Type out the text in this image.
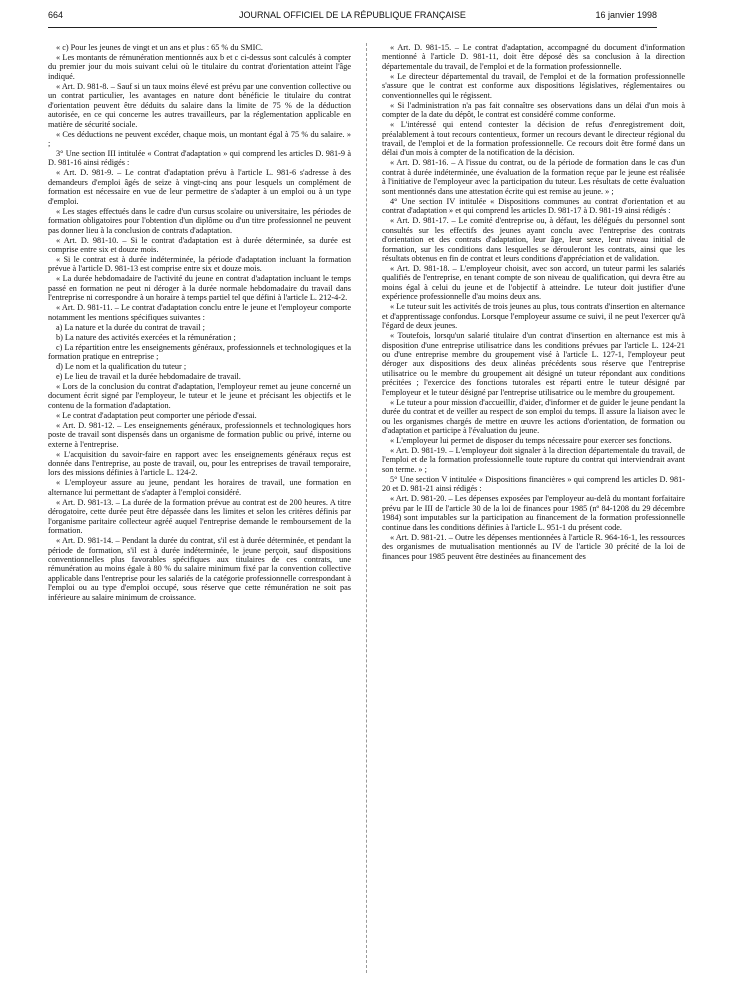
664	JOURNAL OFFICIEL DE LA RÉPUBLIQUE FRANÇAISE	16 janvier 1998

« c) Pour les jeunes de vingt et un ans et plus : 65 % du SMIC.

« Les montants de rémunération mentionnés aux b et c ci-dessus sont calculés à compter du premier jour du mois suivant celui où le titulaire du contrat d'orientation atteint l'âge indiqué.

« Art. D. 981-8. – Sauf si un taux moins élevé est prévu par une convention collective ou un contrat particulier, les avantages en nature dont bénéficie le titulaire du contrat d'orientation peuvent être déduits du salaire dans la limite de 75 % de la déduction autorisée, en ce qui concerne les autres travailleurs, par la réglementation applicable en matière de sécurité sociale.

« Ces déductions ne peuvent excéder, chaque mois, un montant égal à 75 % du salaire. » ;

3° Une section III intitulée « Contrat d'adaptation » qui comprend les articles D. 981-9 à D. 981-16 ainsi rédigés :

« Art. D. 981-9. – Le contrat d'adaptation prévu à l'article L. 981-6 s'adresse à des demandeurs d'emploi âgés de seize à vingt-cinq ans pour lesquels un complément de formation est nécessaire en vue de leur permettre de s'adapter à un emploi ou à un type d'emploi.

« Les stages effectués dans le cadre d'un cursus scolaire ou universitaire, les périodes de formation obligatoires pour l'obtention d'un diplôme ou d'un titre professionnel ne peuvent pas donner lieu à la conclusion de contrats d'adaptation.

« Art. D. 981-10. – Si le contrat d'adaptation est à durée déterminée, sa durée est comprise entre six et douze mois.

« Si le contrat est à durée indéterminée, la période d'adaptation incluant la formation prévue à l'article D. 981-13 est comprise entre six et douze mois.

« La durée hebdomadaire de l'activité du jeune en contrat d'adaptation incluant le temps passé en formation ne peut ni déroger à la durée normale hebdomadaire du travail dans l'entreprise ni correspondre à un horaire à temps partiel tel que défini à l'article L. 212-4-2.

« Art. D. 981-11. – Le contrat d'adaptation conclu entre le jeune et l'employeur comporte notamment les mentions spécifiques suivantes :

a) La nature et la durée du contrat de travail ;

b) La nature des activités exercées et la rémunération ;

c) La répartition entre les enseignements généraux, professionnels et technologiques et la formation pratique en entreprise ;

d) Le nom et la qualification du tuteur ;

e) Le lieu de travail et la durée hebdomadaire de travail.

« Lors de la conclusion du contrat d'adaptation, l'employeur remet au jeune concerné un document écrit signé par l'employeur, le tuteur et le jeune et précisant les objectifs et le contenu de la formation d'adaptation.

« Le contrat d'adaptation peut comporter une période d'essai.

« Art. D. 981-12. – Les enseignements généraux, professionnels et technologiques hors poste de travail sont dispensés dans un organisme de formation public ou privé, interne ou externe à l'entreprise.

« L'acquisition du savoir-faire en rapport avec les enseignements généraux reçus est donnée dans l'entreprise, au poste de travail, ou, pour les entreprises de travail temporaire, lors des missions définies à l'article L. 124-2.

« L'employeur assure au jeune, pendant les horaires de travail, une formation en alternance lui permettant de s'adapter à l'emploi considéré.

« Art. D. 981-13. – La durée de la formation prévue au contrat est de 200 heures. A titre dérogatoire, cette durée peut être dépassée dans les limites et selon les critères définis par l'organisme paritaire collecteur agréé auquel l'entreprise demande le remboursement de la formation.

« Art. D. 981-14. – Pendant la durée du contrat, s'il est à durée déterminée, et pendant la période de formation, s'il est à durée indéterminée, le jeune perçoit, sauf dispositions conventionnelles plus favorables spécifiques aux titulaires de ces contrats, une rémunération au moins égale à 80 % du salaire minimum fixé par la convention collective applicable dans l'entreprise pour les salariés de la catégorie professionnelle correspondant à l'emploi ou au type d'emploi occupé, sous réserve que cette rémunération ne soit pas inférieure au salaire minimum de croissance.

« Art. D. 981-15. – Le contrat d'adaptation, accompagné du document d'information mentionné à l'article D. 981-11, doit être déposé dès sa conclusion à la direction départementale du travail, de l'emploi et de la formation professionnelle.

« Le directeur départemental du travail, de l'emploi et de la formation professionnelle s'assure que le contrat est conforme aux dispositions législatives, réglementaires ou conventionnelles qui le régissent.

« Si l'administration n'a pas fait connaître ses observations dans un délai d'un mois à compter de la date du dépôt, le contrat est considéré comme conforme.

« L'intéressé qui entend contester la décision de refus d'enregistrement doit, préalablement à tout recours contentieux, former un recours devant le directeur régional du travail, de l'emploi et de la formation professionnelle. Ce recours doit être formé dans un délai d'un mois à compter de la notification de la décision.

« Art. D. 981-16. – A l'issue du contrat, ou de la période de formation dans le cas d'un contrat à durée indéterminée, une évaluation de la formation reçue par le jeune est réalisée à l'initiative de l'employeur avec la participation du tuteur. Les résultats de cette évaluation sont mentionnés dans une attestation écrite qui est remise au jeune. » ;

4° Une section IV intitulée « Dispositions communes au contrat d'orientation et au contrat d'adaptation » et qui comprend les articles D. 981-17 à D. 981-19 ainsi rédigés :

« Art. D. 981-17. – Le comité d'entreprise ou, à défaut, les délégués du personnel sont consultés sur les effectifs des jeunes ayant conclu avec l'entreprise des contrats d'orientation et des contrats d'adaptation, leur âge, leur sexe, leur niveau initial de formation, sur les conditions dans lesquelles se dérouleront les contrats, ainsi que les résultats obtenus en fin de contrat et leurs conditions d'appréciation et de validation.

« Art. D. 981-18. – L'employeur choisit, avec son accord, un tuteur parmi les salariés qualifiés de l'entreprise, en tenant compte de son niveau de qualification, qui devra être au moins égal à celui du jeune et de l'objectif à atteindre. Le tuteur doit justifier d'une expérience professionnelle d'au moins deux ans.

« Le tuteur suit les activités de trois jeunes au plus, tous contrats d'insertion en alternance et d'apprentissage confondus. Lorsque l'employeur assume ce suivi, il ne peut l'exercer qu'à l'égard de deux jeunes.

« Toutefois, lorsqu'un salarié titulaire d'un contrat d'insertion en alternance est mis à disposition d'une entreprise utilisatrice dans les conditions prévues par l'article L. 124-21 ou d'une entreprise membre du groupement visé à l'article L. 127-1, l'employeur peut déroger aux dispositions des deux alinéas précédents sous réserve que l'entreprise utilisatrice ou le membre du groupement ait désigné un tuteur répondant aux conditions précitées ; l'exercice des fonctions tutorales est réparti entre le tuteur désigné par l'employeur et le tuteur désigné par l'entreprise utilisatrice ou le membre du groupement.

« Le tuteur a pour mission d'accueillir, d'aider, d'informer et de guider le jeune pendant la durée du contrat et de veiller au respect de son emploi du temps. Il assure la liaison avec le ou les organismes chargés de mettre en œuvre les actions d'orientation, de formation ou d'adaptation et participe à l'évaluation du jeune.

« L'employeur lui permet de disposer du temps nécessaire pour exercer ses fonctions.

« Art. D. 981-19. – L'employeur doit signaler à la direction départementale du travail, de l'emploi et de la formation professionnelle toute rupture du contrat qui interviendrait avant son terme. » ;

5° Une section V intitulée « Dispositions financières » qui comprend les articles D. 981-20 et D. 981-21 ainsi rédigés :

« Art. D. 981-20. – Les dépenses exposées par l'employeur au-delà du montant forfaitaire prévu par le III de l'article 30 de la loi de finances pour 1985 (nº 84-1208 du 29 décembre 1984) sont imputables sur la participation au financement de la formation professionnelle continue dans les conditions définies à l'article L. 951-1 du présent code.

« Art. D. 981-21. – Outre les dépenses mentionnées à l'article R. 964-16-1, les ressources des organismes de mutualisation mentionnés au IV de l'article 30 précité de la loi de finances pour 1985 peuvent être destinées au financement des
